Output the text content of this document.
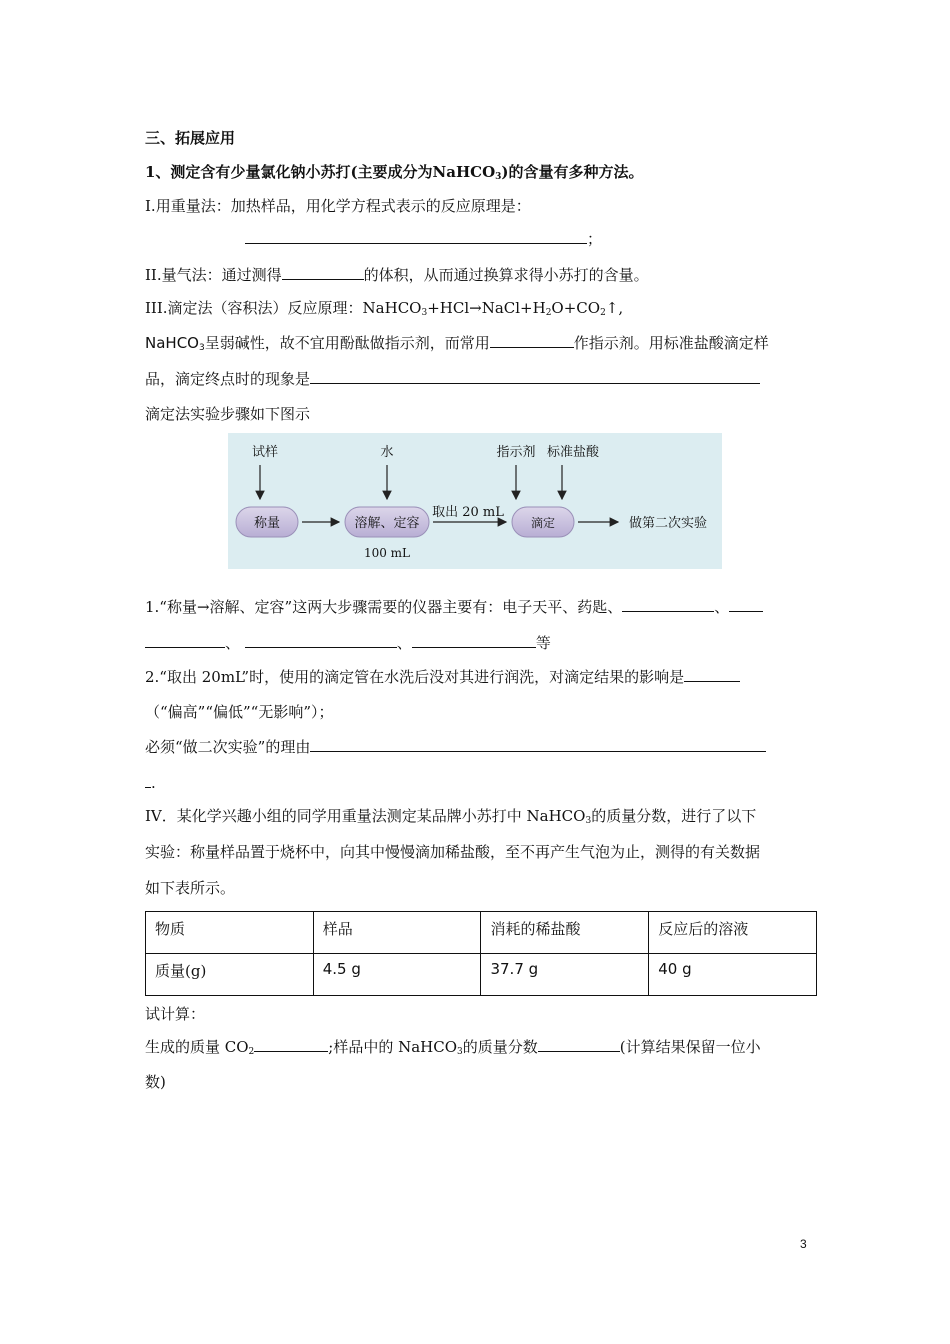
三、拓展应用
1、测定含有少量氯化钠小苏打(主要成分为NaHCO$_3$)的含量有多种方法。
I.用重量法：加热样品，用化学方程式表示的反应原理是：
；
II.量气法：通过测得	的体积，从而通过换算求得小苏打的含量。
III.滴定法（容积法）反应原理：$NaHCO_3+HCl\to NaCl+H_2O+CO_2↑$,
NaHCO$_3$呈弱碱性，故不宜用酚酞做指示剂，而常用	作指示剂。用标准盐酸滴定样
品，滴定终点时的现象是
滴定法实验步骤如下图示
试样	水	指示剂 标准盐酸
称量	溶解、定容	滴定
取出 20 mL
做第二次实验
100 mL
1.“称量→溶解、定容”这两大步骤需要的仪器主要有：电子天平、药匙、	、
、	、	等
2.“取出 20mL”时，使用的滴定管在水洗后没对其进行润洗，对滴定结果的影响是
（“偏高”“偏低”“无影响”）；
必须“做二次实验”的理由
.
IV．某化学兴趣小组的同学用重量法测定某品牌小苏打中 NaHCO$_3$的质量分数，进行了以下
实验：称量样品置于烧杯中，向其中慢慢滴加稀盐酸，至不再产生气泡为止，测得的有关数据
如下表所示。
物质	样品	消耗的稀盐酸	反应后的溶液
质量(g)	4.5 g	37.7 g	40 g
试计算：
生成的质量 $CO_2$	;样品中的 NaHCO$_3$的质量分数	(计算结果保留一位小
数)
3
